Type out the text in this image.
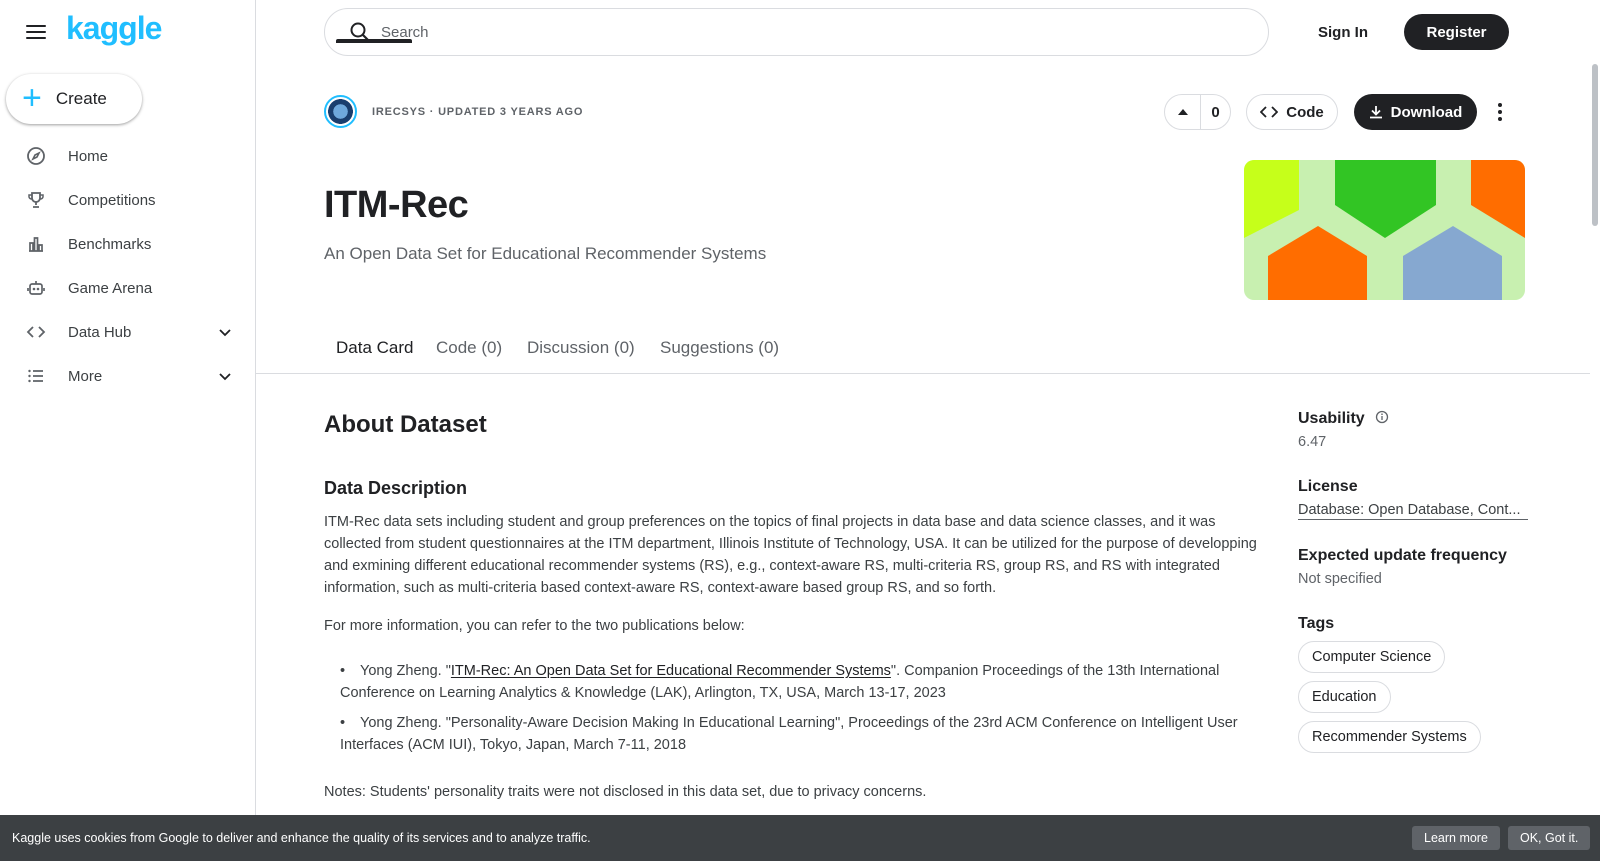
kaggle
+ Create
Home
Competitions
Benchmarks
Game Arena
Data Hub
More
Search
Sign In	Register
IRECSYS · UPDATED 3 YEARS AGO	0	Code	Download
ITM-Rec
An Open Data Set for Educational Recommender Systems
Data Card Code (0) Discussion (0) Suggestions (0)
About Dataset
Data Description

ITM-Rec data sets including student and group preferences on the topics of final projects in data base and data science classes, and it was collected from student questionnaires at the ITM department, Illinois Institute of Technology, USA. It can be utilized for the purpose of developping and exmining different educational recommender systems (RS), e.g., context-aware RS, multi-criteria RS, group RS, and RS with integrated information, such as multi-criteria based context-aware RS, context-aware based group RS, and so forth.

For more information, you can refer to the two publications below:

• Yong Zheng. "ITM-Rec: An Open Data Set for Educational Recommender Systems". Companion Proceedings of the 13th International Conference on Learning Analytics & Knowledge (LAK), Arlington, TX, USA, March 13-17, 2023
• Yong Zheng. "Personality-Aware Decision Making In Educational Learning", Proceedings of the 23rd ACM Conference on Intelligent User Interfaces (ACM IUI), Tokyo, Japan, March 7-11, 2018

Notes: Students' personality traits were not disclosed in this data set, due to privacy concerns.

Usability
6.47
License
Database: Open Database, Cont...
Expected update frequency
Not specified
Tags
Computer Science
Education
Recommender Systems
Kaggle uses cookies from Google to deliver and enhance the quality of its services and to analyze traffic.	Learn more	OK, Got it.
